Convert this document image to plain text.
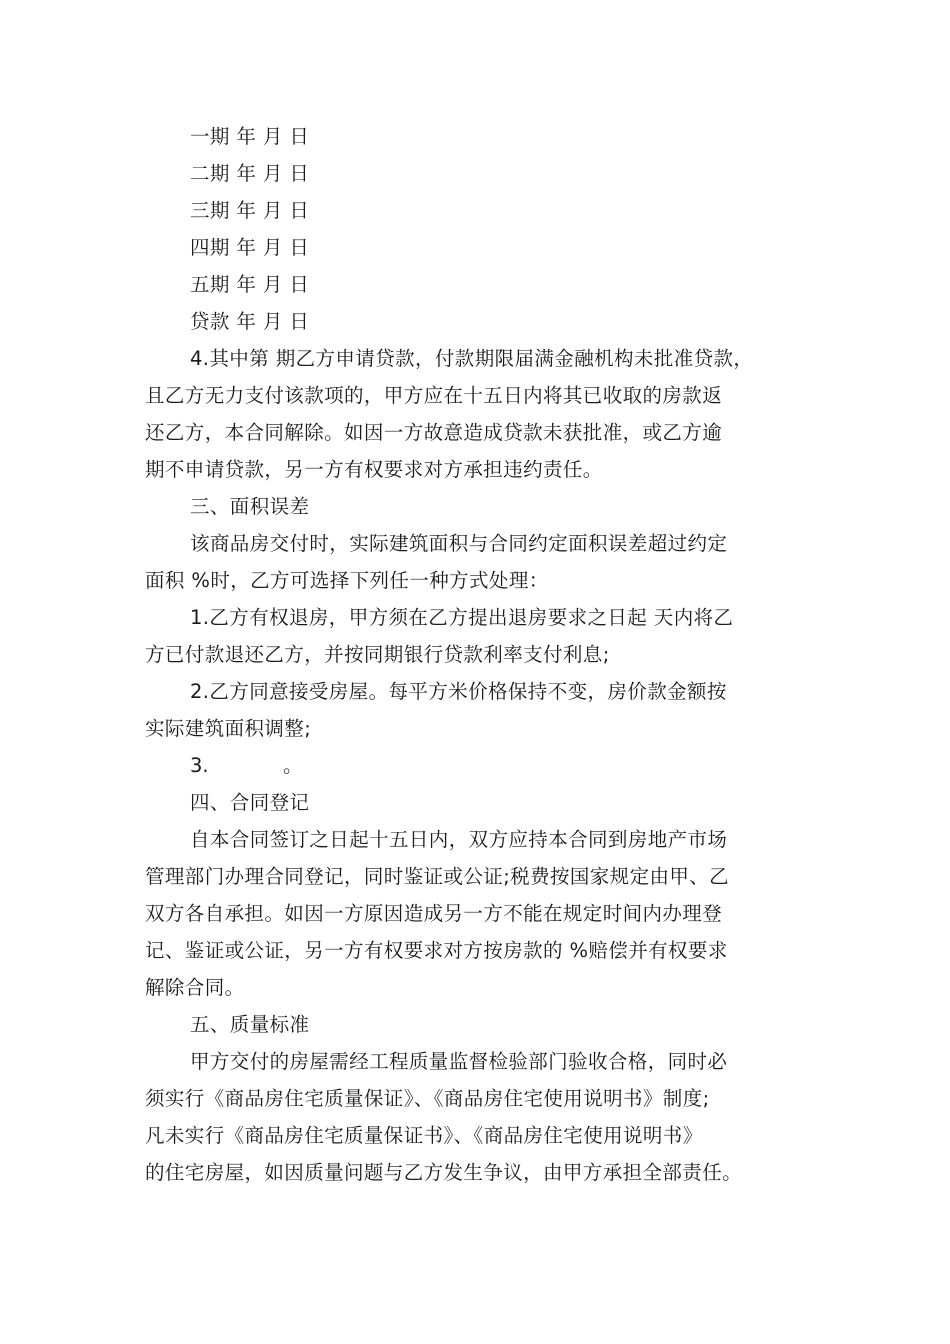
一期 年 月 日
二期 年 月 日
三期 年 月 日
四期 年 月 日
五期 年 月 日
贷款 年 月 日
4.其中第 期乙方申请贷款，付款期限届满金融机构未批准贷款，
且乙方无力支付该款项的，甲方应在十五日内将其已收取的房款返
还乙方，本合同解除。如因一方故意造成贷款未获批准，或乙方逾
期不申请贷款，另一方有权要求对方承担违约责任。
三、面积误差
该商品房交付时，实际建筑面积与合同约定面积误差超过约定
面积 %时，乙方可选择下列任一种方式处理：
1.乙方有权退房，甲方须在乙方提出退房要求之日起 天内将乙
方已付款退还乙方，并按同期银行贷款利率支付利息;
2.乙方同意接受房屋。每平方米价格保持不变，房价款金额按
实际建筑面积调整;
3.            。
四、合同登记
自本合同签订之日起十五日内，双方应持本合同到房地产市场
管理部门办理合同登记，同时鉴证或公证;税费按国家规定由甲、乙
双方各自承担。如因一方原因造成另一方不能在规定时间内办理登
记、鉴证或公证，另一方有权要求对方按房款的 %赔偿并有权要求
解除合同。
五、质量标准
甲方交付的房屋需经工程质量监督检验部门验收合格，同时必
须实行《商品房住宅质量保证》、《商品房住宅使用说明书》制度;
凡未实行《商品房住宅质量保证书》、《商品房住宅使用说明书》
的住宅房屋，如因质量问题与乙方发生争议，由甲方承担全部责任。
